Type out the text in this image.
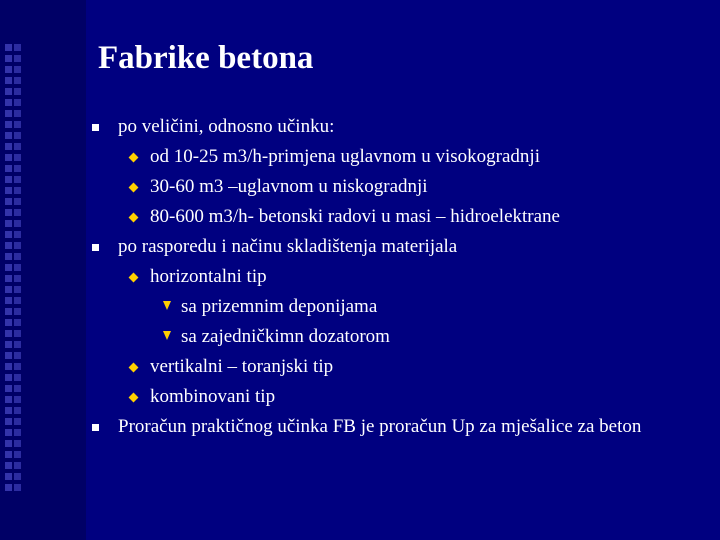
Fabrike betona
po veličini, odnosno učinku:
od 10-25 m3/h-primjena uglavnom u visokogradnji
30-60 m3 –uglavnom u niskogradnji
80-600 m3/h- betonski radovi u masi – hidroelektrane
po rasporedu i načinu skladištenja materijala
horizontalni tip
sa prizemnim deponijama
sa zajedničkimn dozatorom
vertikalni – toranjski tip
kombinovani tip
Proračun praktičnog učinka FB je proračun Up za mješalice za beton
